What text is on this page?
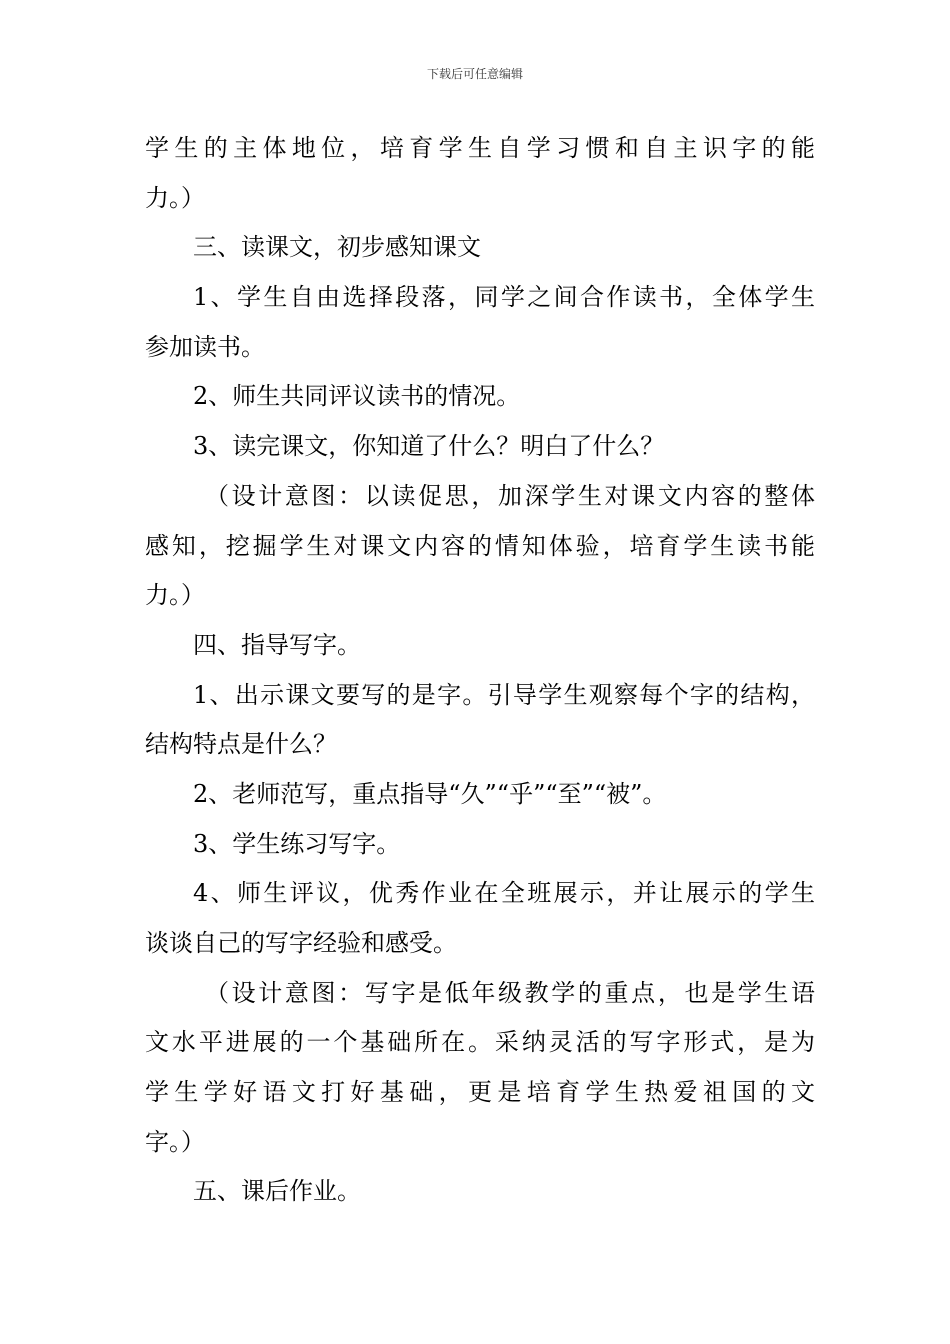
下载后可任意编辑
学生的主体地位，培育学生自学习惯和自主识字的能
力。）
三、读课文，初步感知课文
1、学生自由选择段落，同学之间合作读书，全体学生
参加读书。
2、师生共同评议读书的情况。
3、读完课文，你知道了什么？明白了什么？
（设计意图：以读促思，加深学生对课文内容的整体
感知，挖掘学生对课文内容的情知体验，培育学生读书能
力。）
四、指导写字。
1、出示课文要写的是字。引导学生观察每个字的结构，
结构特点是什么？
2、老师范写，重点指导“久”“乎”“至”“被”。
3、学生练习写字。
4、师生评议，优秀作业在全班展示，并让展示的学生
谈谈自己的写字经验和感受。
（设计意图：写字是低年级教学的重点，也是学生语
文水平进展的一个基础所在。采纳灵活的写字形式，是为
学生学好语文打好基础，更是培育学生热爱祖国的文
字。）
五、课后作业。
